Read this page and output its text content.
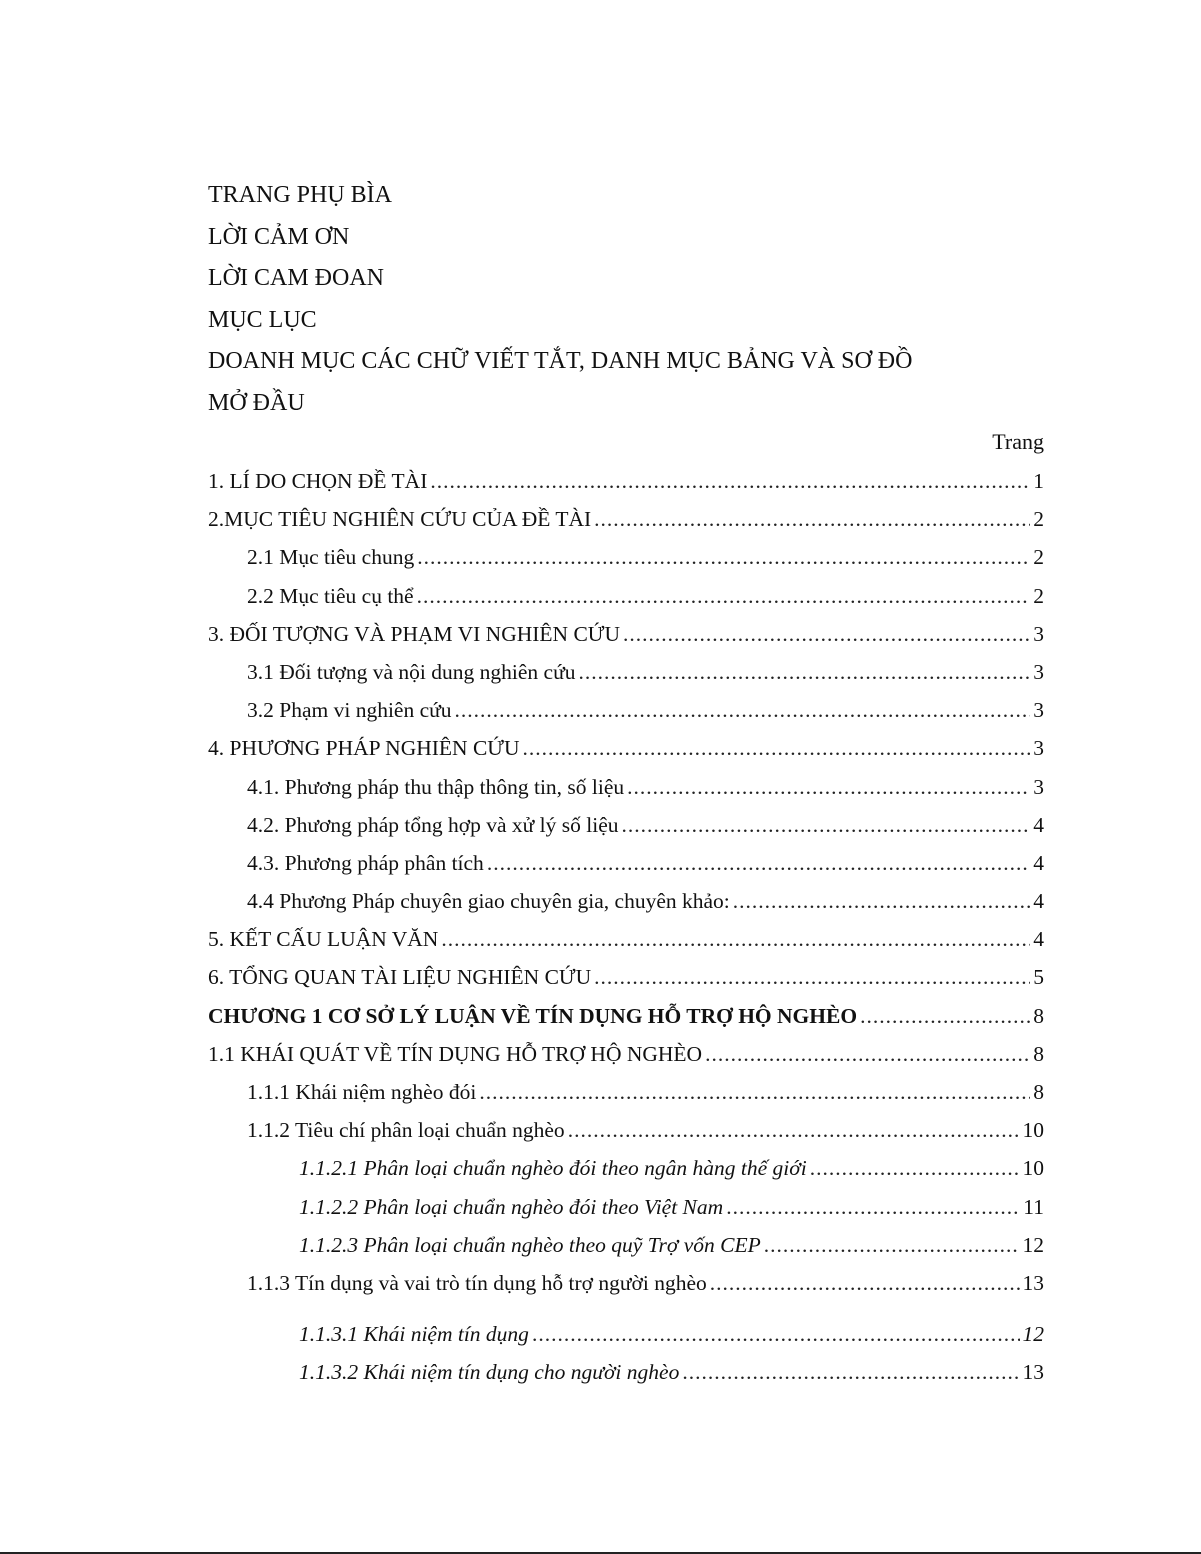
TRANG PHỤ BÌA
LỜI CẢM ƠN
LỜI CAM ĐOAN
MỤC LỤC
DOANH MỤC CÁC CHỮ VIẾT TẮT, DANH MỤC BẢNG VÀ SƠ ĐỒ
MỞ ĐẦU
Trang
1. LÍ DO CHỌN ĐỀ TÀI .....	1
2.MỤC TIÊU NGHIÊN CỨU CỦA ĐỀ TÀI .....	2
2.1 Mục tiêu chung .....	2
2.2 Mục tiêu cụ thể .....	2
3. ĐỐI TƯỢNG VÀ PHẠM VI NGHIÊN CỨU .....	3
3.1 Đối tượng và nội dung nghiên cứu .....	3
3.2 Phạm vi nghiên cứu .....	3
4. PHƯƠNG PHÁP NGHIÊN CỨU .....	3
4.1. Phương pháp thu thập thông tin, số liệu .....	3
4.2. Phương pháp tổng hợp và xử lý số liệu .....	4
4.3. Phương pháp phân tích .....	4
4.4 Phương Pháp chuyên giao chuyên gia, chuyên khảo: .....	4
5. KẾT CẤU LUẬN VĂN .....	4
6. TỔNG QUAN TÀI LIỆU NGHIÊN CỨU .....	5
CHƯƠNG 1 CƠ SỞ LÝ LUẬN VỀ TÍN DỤNG HỖ TRỢ HỘ NGHÈO .....	8
1.1 KHÁI QUÁT VỀ TÍN DỤNG HỖ TRỢ HỘ NGHÈO .....	8
1.1.1 Khái niệm nghèo đói .....	8
1.1.2 Tiêu chí phân loại chuẩn nghèo .....	10
1.1.2.1 Phân loại chuẩn nghèo đói theo ngân hàng thế giới .....	10
1.1.2.2 Phân loại chuẩn nghèo đói theo Việt Nam .....	11
1.1.2.3 Phân loại chuẩn nghèo theo quỹ Trợ vốn CEP .....	12
1.1.3 Tín dụng và vai trò tín dụng hỗ trợ người nghèo .....	13
1.1.3.1 Khái niệm tín dụng .....	12
1.1.3.2 Khái niệm tín dụng cho người nghèo .....	13
